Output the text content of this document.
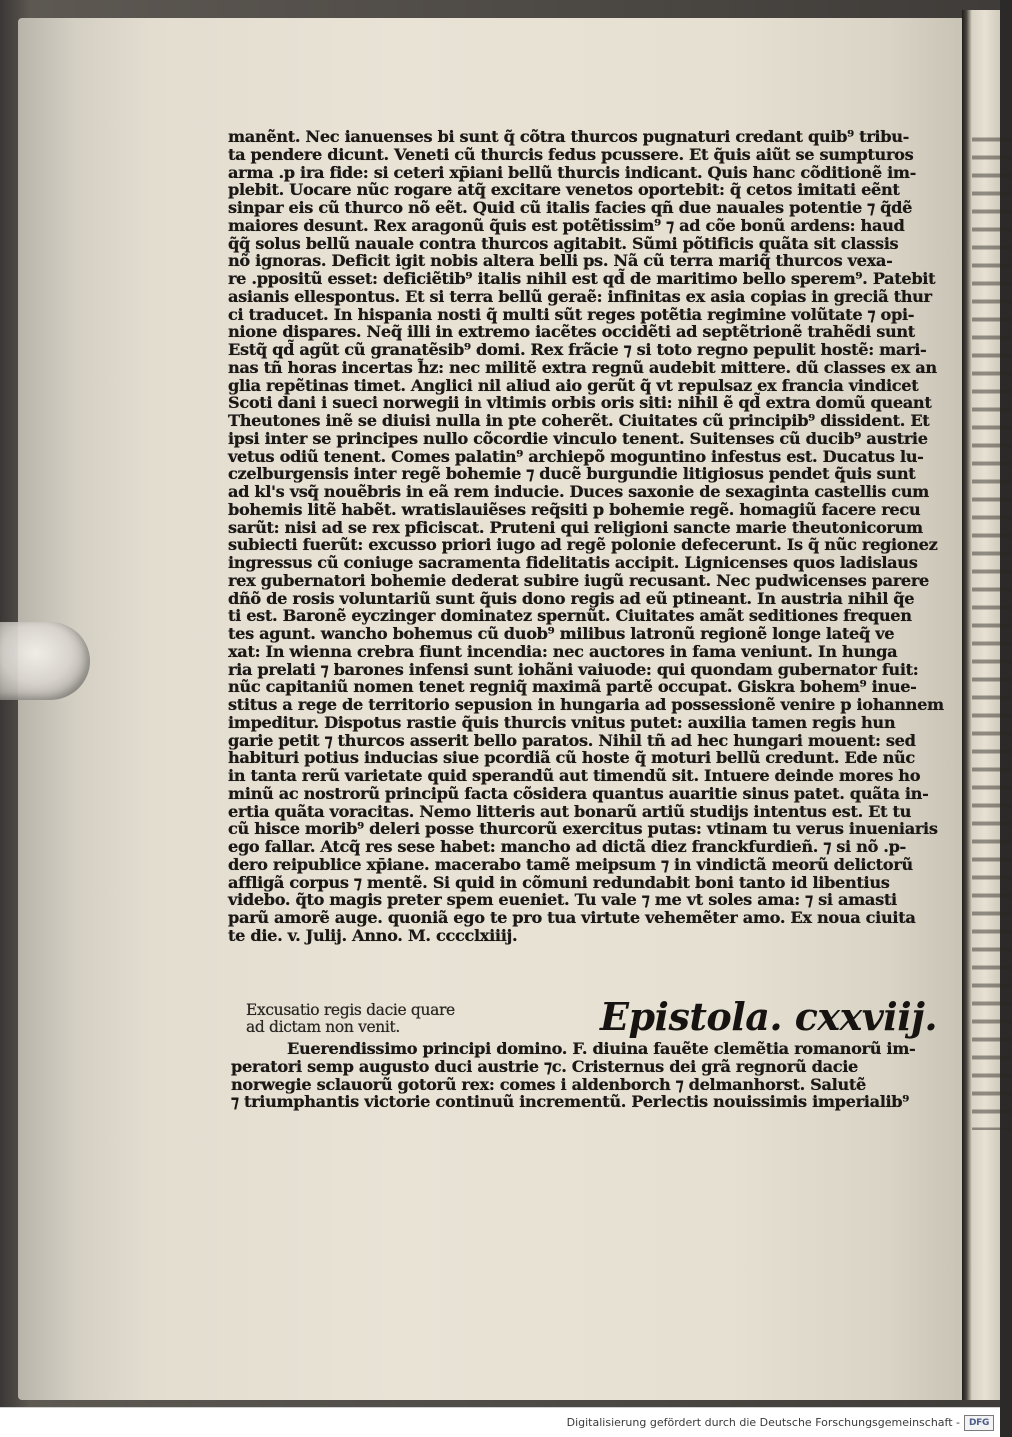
manẽnt. Nec ianuenses bi sunt q̃ cõtra thurcos pugnaturi credant quib⁹ tribu-
ta pendere dicunt. Veneti cũ thurcis fedus pcussere. Et q̃uis aiũt se sumpturos
arma .p ira fide: si ceteri xp̄iani bellũ thurcis indicant. Quis hanc cõditionẽ im-
plebit. Uocare nũc rogare atq̃ excitare venetos oportebit: q̃ cetos imitati eẽnt
sinpar eis cũ thurco nõ eẽt. Quid cũ italis facies qñ due nauales potentie ⁊ q̃dẽ
maiores desunt. Rex aragonũ q̃uis est potẽtissim⁹ ⁊ ad cõe bonũ ardens: haud
q̃q̃ solus bellũ nauale contra thurcos agitabit. Sũmi põtificis quãta sit classis
nõ ignoras. Deficit igit nobis altera belli ps. Nã cũ terra mariq̃ thurcos vexa-
re .ppositũ esset: deficiẽtib⁹ italis nihil est qd̃ de maritimo bello sperem⁹. Patebit
asianis ellespontus. Et si terra bellũ geraẽ: infinitas ex asia copias in greciã thur
ci traducet. In hispania nosti q̃ multi sũt reges potẽtia regimine volũtate ⁊ opi-
nione dispares. Neq̃ illi in extremo iacẽtes occidẽti ad septẽtrionẽ trahẽdi sunt
Estq̃ qd̃ agũt cũ granatẽsib⁹ domi. Rex frãcie ⁊ si toto regno pepulit hostẽ: mari-
nas tñ horas incertas h̃z: nec militẽ extra regnũ audebit mittere. dũ classes ex an
glia repẽtinas timet. Anglici nil aliud aio gerũt q̃ vt repulsaz ex francia vindicet
Scoti dani i sueci norwegii in vltimis orbis oris siti: nihil ẽ qd̃ extra domũ queant
Theutones inẽ se diuisi nulla in pte coherẽt. Ciuitates cũ principib⁹ dissident. Et
ipsi inter se principes nullo cõcordie vinculo tenent. Suitenses cũ ducib⁹ austrie
vetus odiũ tenent. Comes palatin⁹ archiepõ moguntino infestus est. Ducatus lu-
czelburgensis inter regẽ bohemie ⁊ ducẽ burgundie litigiosus pendet q̃uis sunt
ad kl's vsq̃ nouẽbris in eã rem inducie. Duces saxonie de sexaginta castellis cum
bohemis litẽ habẽt. wratislauiẽses req̃siti p bohemie regẽ. homagiũ facere recu
sarũt: nisi ad se rex pficiscat. Pruteni qui religioni sancte marie theutonicorum
subiecti fuerũt: excusso priori iugo ad regẽ polonie defecerunt. Is q̃ nũc regionez
ingressus cũ coniuge sacramenta fidelitatis accipit. Lignicenses quos ladislaus
rex gubernatori bohemie dederat subire iugũ recusant. Nec pudwicenses parere
dñõ de rosis voluntariũ sunt q̃uis dono regis ad eũ ptineant. In austria nihil q̃e
ti est. Baronẽ eyczinger dominatez spernũt. Ciuitates amãt seditiones frequen
tes agunt. wancho bohemus cũ duob⁹ milibus latronũ regionẽ longe lateq̃ ve
xat: In wienna crebra fiunt incendia: nec auctores in fama veniunt. In hunga
ria prelati ⁊ barones infensi sunt iohãni vaiuode: qui quondam gubernator fuit:
nũc capitaniũ nomen tenet regniq̃ maximã partẽ occupat. Giskra bohem⁹ inue-
stitus a rege de territorio sepusion in hungaria ad possessionẽ venire p iohannem
impeditur. Dispotus rastie q̃uis thurcis vnitus putet: auxilia tamen regis hun
garie petit ⁊ thurcos asserit bello paratos. Nihil tñ ad hec hungari mouent: sed
habituri potius inducias siue pcordiã cũ hoste q̃ moturi bellũ credunt. Ede nũc
in tanta rerũ varietate quid sperandũ aut timendũ sit. Intuere deinde mores ho
minũ ac nostrorũ principũ facta cõsidera quantus auaritie sinus patet. quãta in-
ertia quãta voracitas. Nemo litteris aut bonarũ artiũ studijs intentus est. Et tu
cũ hisce morib⁹ deleri posse thurcorũ exercitus putas: vtinam tu verus inueniaris
ego fallar. Atcq̃ res sese habet: mancho ad dictã diez franckfurdieñ. ⁊ si nõ .p-
dero reipublice xp̄iane. macerabo tamẽ meipsum ⁊ in vindictã meorũ delictorũ
affligã corpus ⁊ mentẽ. Si quid in cõmuni redundabit boni tanto id libentius
videbo. q̃to magis preter spem eueniet. Tu vale ⁊ me vt soles ama: ⁊ si amasti
parũ amorẽ auge. quoniã ego te pro tua virtute vehemẽter amo. Ex noua ciuita
te die. v. Julij. Anno. M. cccclxiiij.
Excusatio regis dacie quare
ad dictam non venit.	Epistola. cxxviij.
Euerendissimo principi domino. F. diuina fauẽte clemẽtia romanorũ im-
peratori semp augusto duci austrie ⁊c. Cristernus dei grã regnorũ dacie
norwegie sclauorũ gotorũ rex: comes i aldenborch ⁊ delmanhorst. Salutẽ
⁊ triumphantis victorie continuũ incrementũ. Perlectis nouissimis imperialib⁹
Digitalisierung gefördert durch die Deutsche Forschungsgemeinschaft - DFG
